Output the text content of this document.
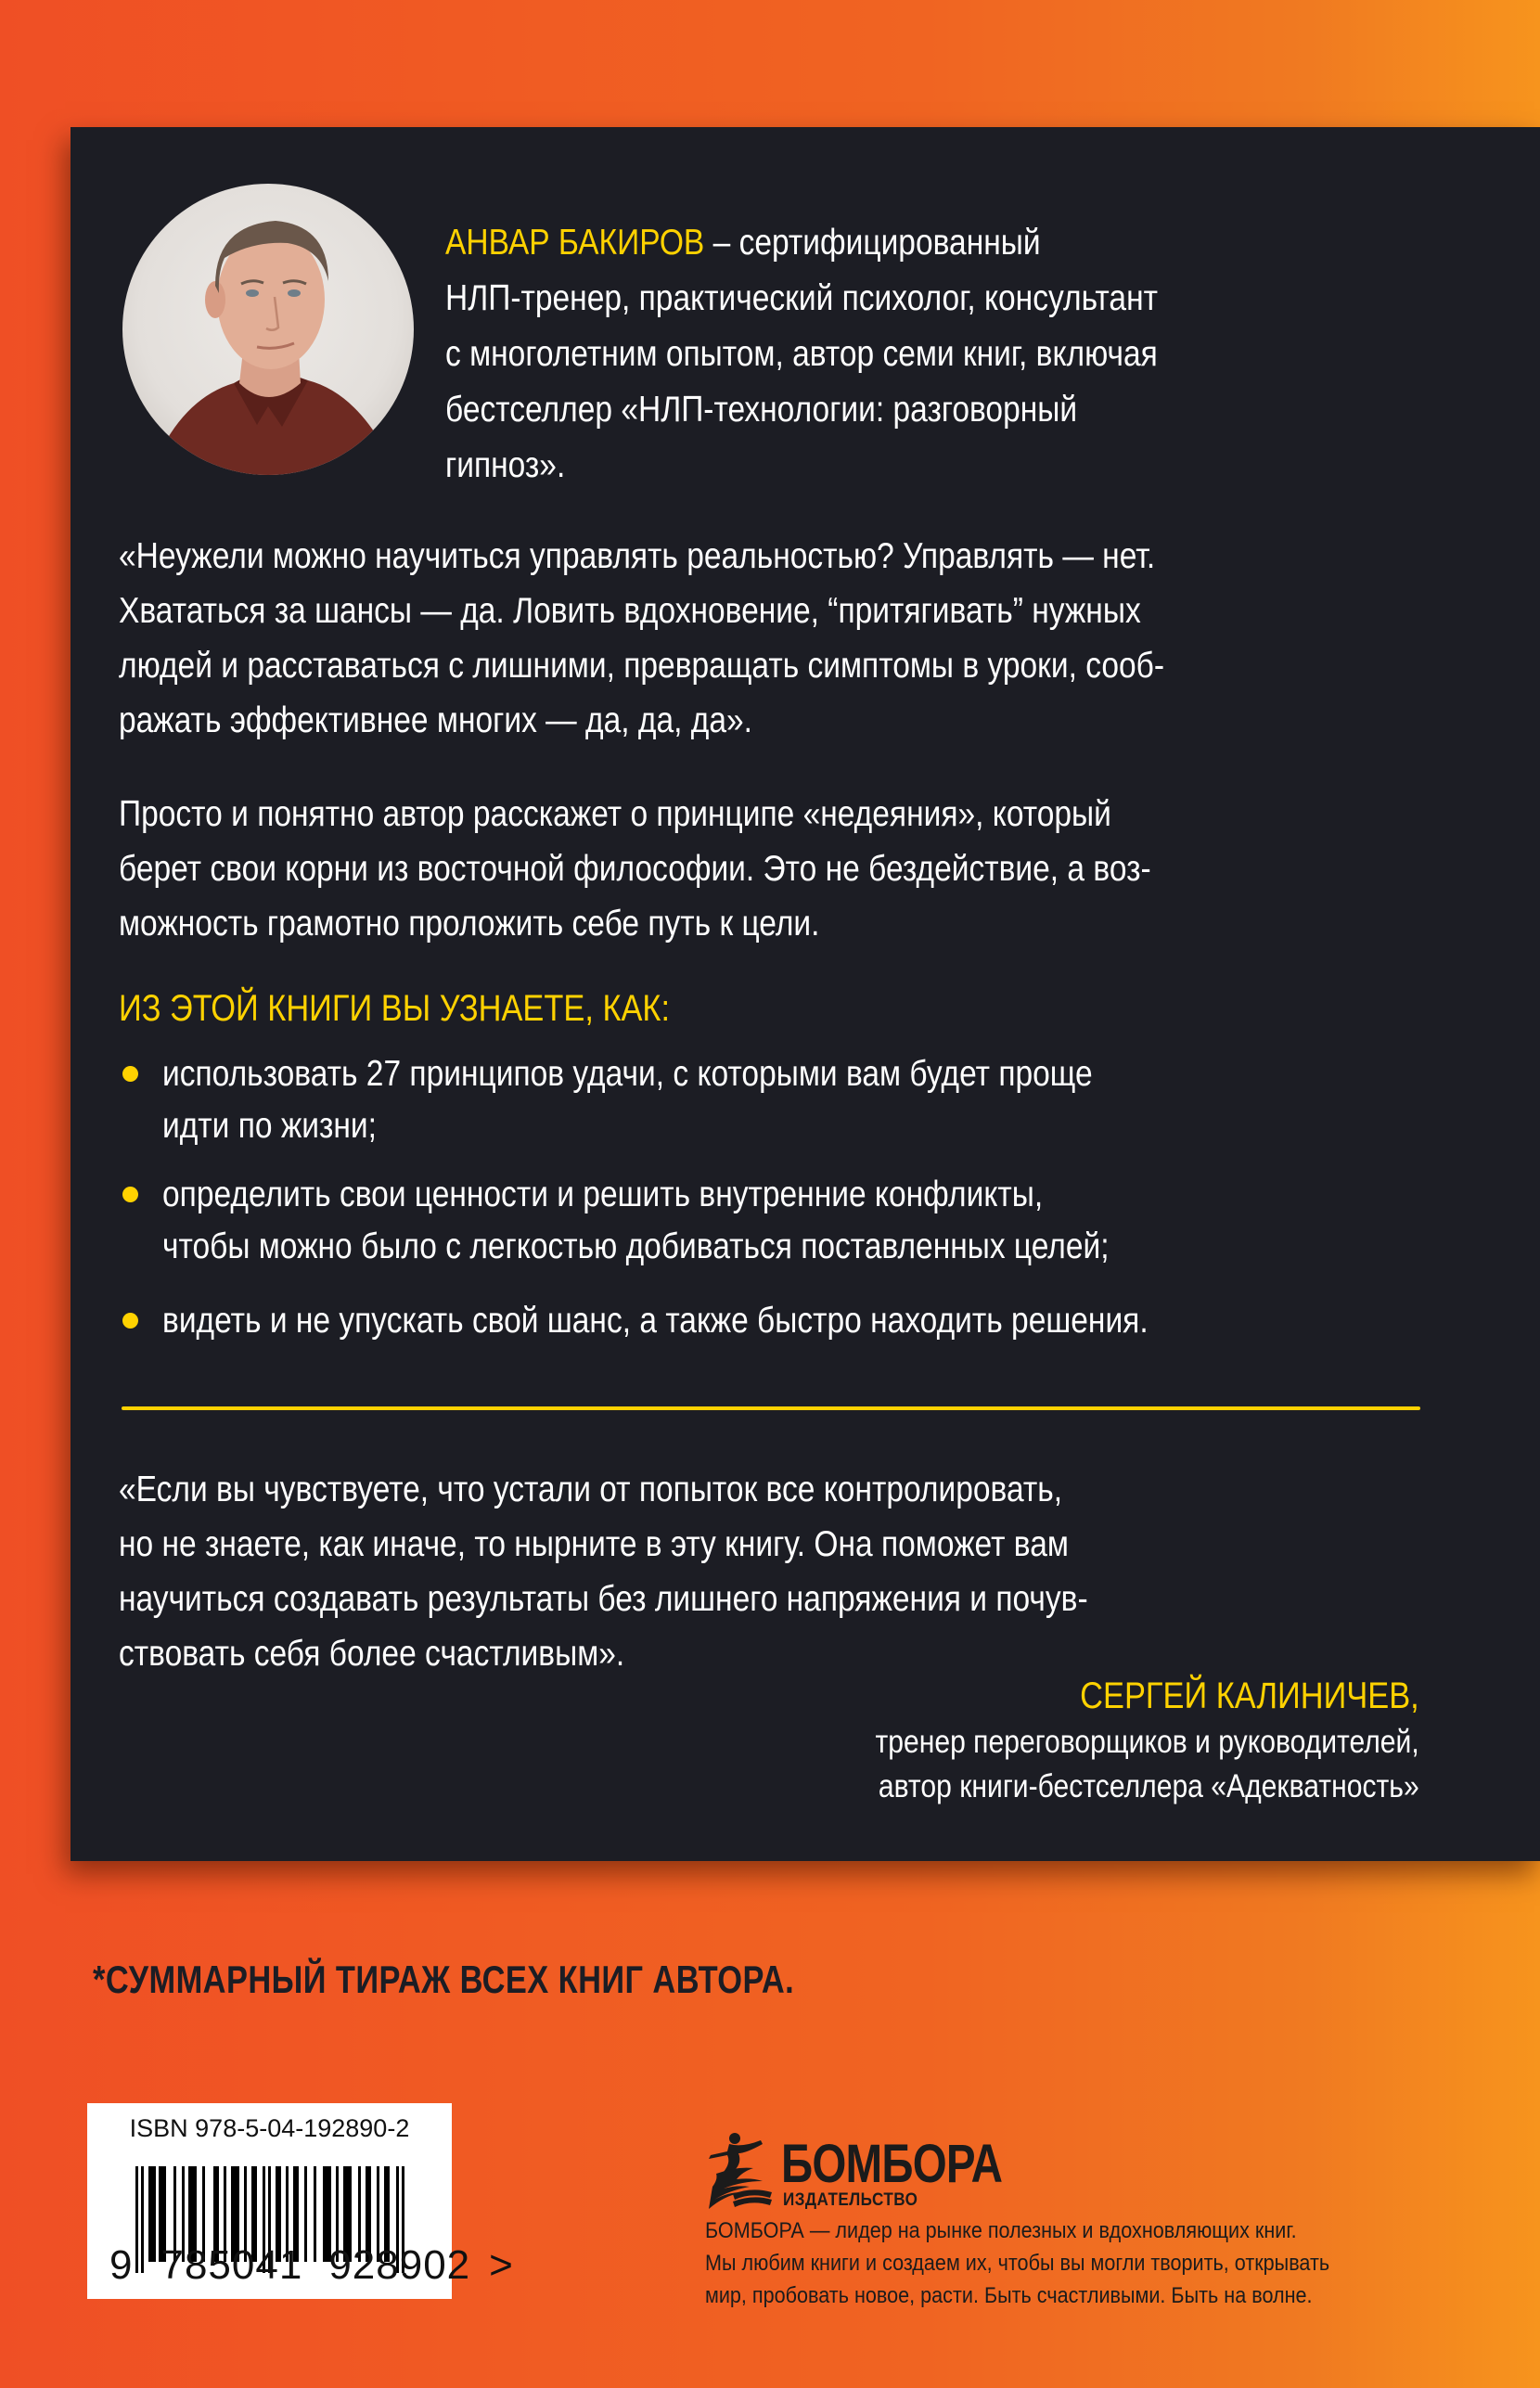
АНВАР БАКИРОВ – сертифицированный
НЛП-тренер, практический психолог, консультант
с многолетним опытом, автор семи книг, включая
бестселлер «НЛП-технологии: разговорный
гипноз».
«Неужели можно научиться управлять реальностью? Управлять — нет.
Хвататься за шансы — да. Ловить вдохновение, “притягивать” нужных
людей и расставаться с лишними, превращать симптомы в уроки, сооб-
ражать эффективнее многих — да, да, да».
Просто и понятно автор расскажет о принципе «недеяния», который
берет свои корни из восточной философии. Это не бездействие, а воз-
можность грамотно проложить себе путь к цели.
ИЗ ЭТОЙ КНИГИ ВЫ УЗНАЕТЕ, КАК:
использовать 27 принципов удачи, с которыми вам будет проще
идти по жизни;
определить свои ценности и решить внутренние конфликты,
чтобы можно было с легкостью добиваться поставленных целей;
видеть и не упускать свой шанс, а также быстро находить решения.
«Если вы чувствуете, что устали от попыток все контролировать,
но не знаете, как иначе, то нырните в эту книгу. Она поможет вам
научиться создавать результаты без лишнего напряжения и почув-
ствовать себя более счастливым».
СЕРГЕЙ КАЛИНИЧЕВ,
тренер переговорщиков и руководителей,
автор книги-бестселлера «Адекватность»
*СУММАРНЫЙ ТИРАЖ ВСЕХ КНИГ АВТОРА.
ISBN 978-5-04-192890-2
9 785041 928902 >
БОМБОРА
ИЗДАТЕЛЬСТВО
БОМБОРА — лидер на рынке полезных и вдохновляющих книг.
Мы любим книги и создаем их, чтобы вы могли творить, открывать
мир, пробовать новое, расти. Быть счастливыми. Быть на волне.
